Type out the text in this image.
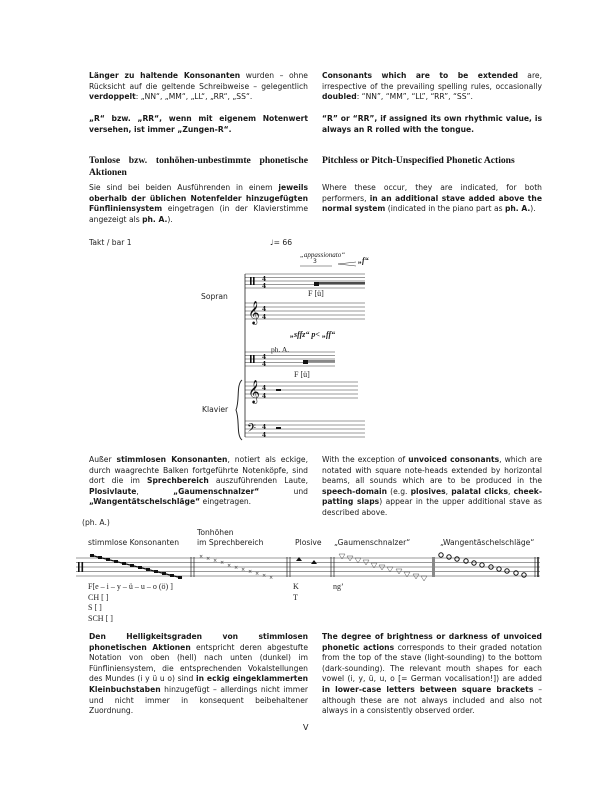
Länger zu haltende Konsonanten wurden – ohne Rücksicht auf die geltende Schreibweise – gelegentlich verdoppelt: „NN“, „MM“, „LL“, „RR“, „SS“.
„R“ bzw. „RR“, wenn mit eigenem Notenwert versehen, ist immer „Zungen-R“.
Tonlose bzw. tonhöhen-unbestimmte phonetische Aktionen
Sie sind bei beiden Ausführenden in einem jeweils oberhalb der üblichen Notenfelder hinzugefügten Fünfliniensystem eingetragen (in der Klavierstimme angezeigt als ph. A.).
Consonants which are to be extended are, irrespective of the prevailing spelling rules, occasionally doubled: “NN”, “MM”, “LL”, “RR”, “SS”.
“R” or “RR”, if assigned its own rhythmic value, is always an R rolled with the tongue.
Pitchless or Pitch-Unspecified Phonetic Actions
Where these occur, they are indicated, for both performers, in an additional stave added above the normal system (indicated in the piano part as ph. A.).
Takt / bar 1	♩= 66
„appassionato“
„f“
3
Sopran	F [ü]
„sffz“ p< „ff“
ph. A.
F [ü]
Klavier
𝄞
𝄞
𝄢
4
4
4
4
4
4
4
4
4
4
Außer stimmlosen Konsonanten, notiert als eckige, durch waagrechte Balken fortgeführte Notenköpfe, sind dort die im Sprechbereich auszuführenden Laute, Plosivlaute, „Gaumenschnalzer“ und „Wangentätschelschläge“ eingetragen.
With the exception of unvoiced consonants, which are notated with square note-heads extended by horizontal beams, all sounds which are to be produced in the speech-domain (e.g. plosives, palatal clicks, cheek-patting slaps) appear in the upper additional stave as described above.
(ph. A.)
stimmlose Konsonanten
Tonhöhen
im Sprechbereich	Plosive „Gaumenschnalzer“	„Wangentäschelschläge“
× × × × × × × × × × ×
F[e – i – y – ü – u – o (ö) ]
CH [ ]
S [ ]
SCH [ ]
K
T
ng’
Den Helligkeitsgraden von stimmlosen phonetischen Aktionen entspricht deren abgestufte Notation von oben (hell) nach unten (dunkel) im Fünfliniensystem, die entsprechenden Vokalstellungen des Mundes (i y ü u o) sind in eckig eingeklammerten Kleinbuchstaben hinzugefügt – allerdings nicht immer und nicht immer in konsequent beibehaltener Zuordnung.
The degree of brightness or darkness of unvoiced phonetic actions corresponds to their graded notation from the top of the stave (light-sounding) to the bottom (dark-sounding). The relevant mouth shapes for each vowel (i, y, ü, u, o [= German vocalisation!]) are added in lower-case letters between square brackets – although these are not always included and also not always in a consistently observed order.
V
